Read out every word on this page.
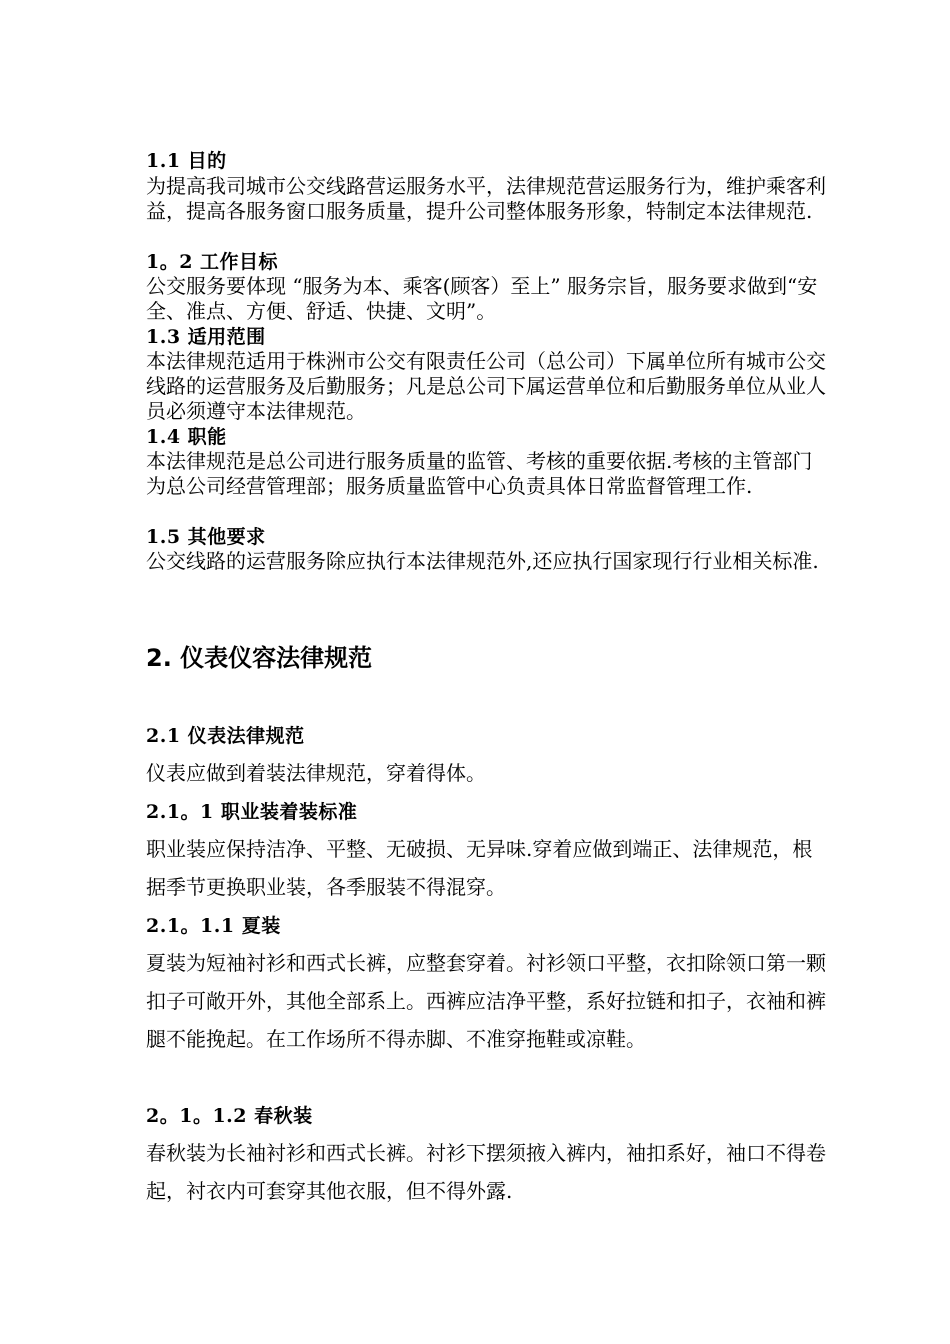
1.1 目的
为提高我司城市公交线路营运服务水平，法律规范营运服务行为，维护乘客利益，提高各服务窗口服务质量，提升公司整体服务形象，特制定本法律规范.
1。2 工作目标
公交服务要体现 “服务为本、乘客(顾客）至上” 服务宗旨，服务要求做到“安全、准点、方便、舒适、快捷、文明”。
1.3 适用范围
本法律规范适用于株洲市公交有限责任公司（总公司）下属单位所有城市公交线路的运营服务及后勤服务；凡是总公司下属运营单位和后勤服务单位从业人员必须遵守本法律规范。
1.4 职能
本法律规范是总公司进行服务质量的监管、考核的重要依据.考核的主管部门为总公司经营管理部；服务质量监管中心负责具体日常监督管理工作.
1.5 其他要求
公交线路的运营服务除应执行本法律规范外,还应执行国家现行行业相关标准.
2. 仪表仪容法律规范
2.1 仪表法律规范
仪表应做到着装法律规范，穿着得体。
2.1。1 职业装着装标准
职业装应保持洁净、平整、无破损、无异味.穿着应做到端正、法律规范，根据季节更换职业装，各季服装不得混穿。
2.1。1.1 夏装
夏装为短袖衬衫和西式长裤，应整套穿着。衬衫领口平整，衣扣除领口第一颗扣子可敞开外，其他全部系上。西裤应洁净平整，系好拉链和扣子，衣袖和裤腿不能挽起。在工作场所不得赤脚、不准穿拖鞋或凉鞋。
2。1。1.2 春秋装
春秋装为长袖衬衫和西式长裤。衬衫下摆须掖入裤内，袖扣系好，袖口不得卷起，衬衣内可套穿其他衣服，但不得外露.
